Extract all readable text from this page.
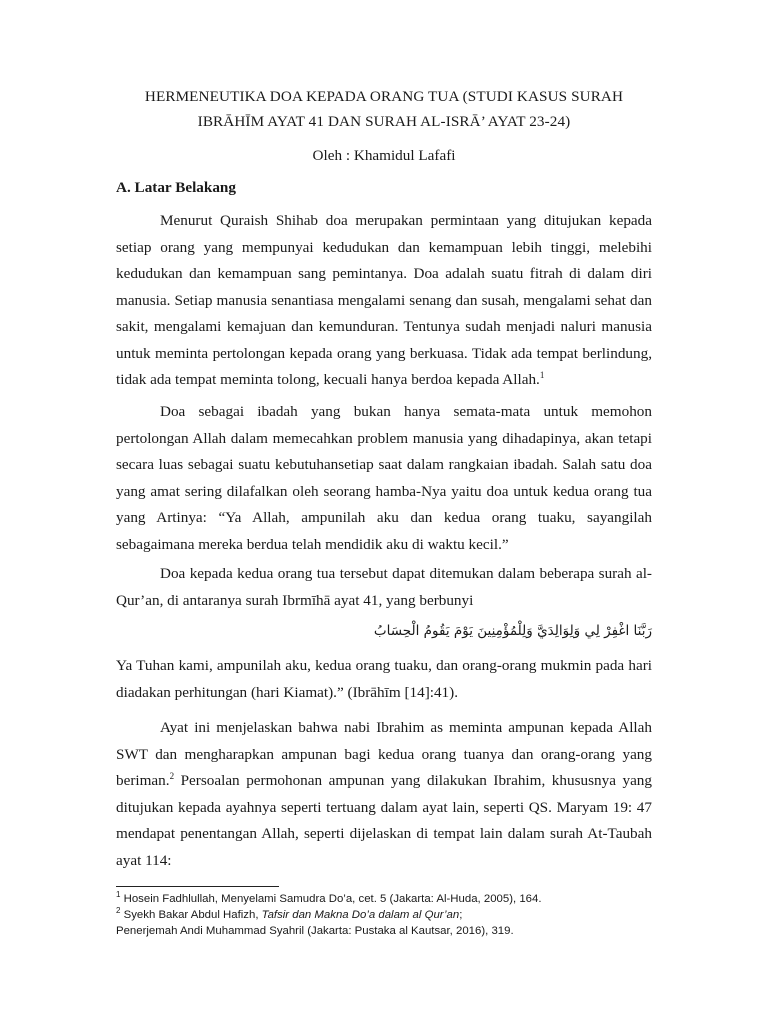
HERMENEUTIKA DOA KEPADA ORANG TUA (STUDI KASUS SURAH
IBRĀHĪM AYAT 41 DAN SURAH AL-ISRĀ’ AYAT 23-24)
Oleh : Khamidul Lafafi
A. Latar Belakang

Menurut Quraish Shihab doa merupakan permintaan yang ditujukan kepada setiap orang yang mempunyai kedudukan dan kemampuan lebih tinggi, melebihi kedudukan dan kemampuan sang pemintanya. Doa adalah suatu fitrah di dalam diri manusia. Setiap manusia senantiasa mengalami senang dan susah, mengalami sehat dan sakit, mengalami kemajuan dan kemunduran. Tentunya sudah menjadi naluri manusia untuk meminta pertolongan kepada orang yang berkuasa. Tidak ada tempat berlindung, tidak ada tempat meminta tolong, kecuali hanya berdoa kepada Allah.$^1$

Doa sebagai ibadah yang bukan hanya semata-mata untuk memohon pertolongan Allah dalam memecahkan problem manusia yang dihadapinya, akan tetapi secara luas sebagai suatu kebutuhansetiap saat dalam rangkaian ibadah. Salah satu doa yang amat sering dilafalkan oleh seorang hamba-Nya yaitu doa untuk kedua orang tua yang Artinya: “Ya Allah, ampunilah aku dan kedua orang tuaku, sayangilah sebagaimana mereka berdua telah mendidik aku di waktu kecil.”

Doa kepada kedua orang tua tersebut dapat ditemukan dalam beberapa surah al-Qur’an, di antaranya surah Ibrmīhā ayat 41, yang berbunyi

رَبَّنَا اغْفِرْ لِي وَلِوَالِدَيَّ وَلِلْمُؤْمِنِينَ يَوْمَ يَقُومُ الْحِسَابُ

Ya Tuhan kami, ampunilah aku, kedua orang tuaku, dan orang-orang mukmin pada hari diadakan perhitungan (hari Kiamat).” (Ibrāhīm [14]:41).

Ayat ini menjelaskan bahwa nabi Ibrahim as meminta ampunan kepada Allah SWT dan mengharapkan ampunan bagi kedua orang tuanya dan orang-orang yang beriman.$^2$ Persoalan permohonan ampunan yang dilakukan Ibrahim, khususnya yang ditujukan kepada ayahnya seperti tertuang dalam ayat lain, seperti QS. Maryam 19: 47 mendapat penentangan Allah, seperti dijelaskan di tempat lain dalam surah At-Taubah ayat 114:

$^1$ Hosein Fadhlullah, Menyelami Samudra Do’a, cet. 5 (Jakarta: Al-Huda, 2005), 164.
$^2$ Syekh Bakar Abdul Hafizh, Tafsir dan Makna Do’a dalam al Qur’an;
Penerjemah Andi Muhammad Syahril (Jakarta: Pustaka al Kautsar, 2016), 319.
